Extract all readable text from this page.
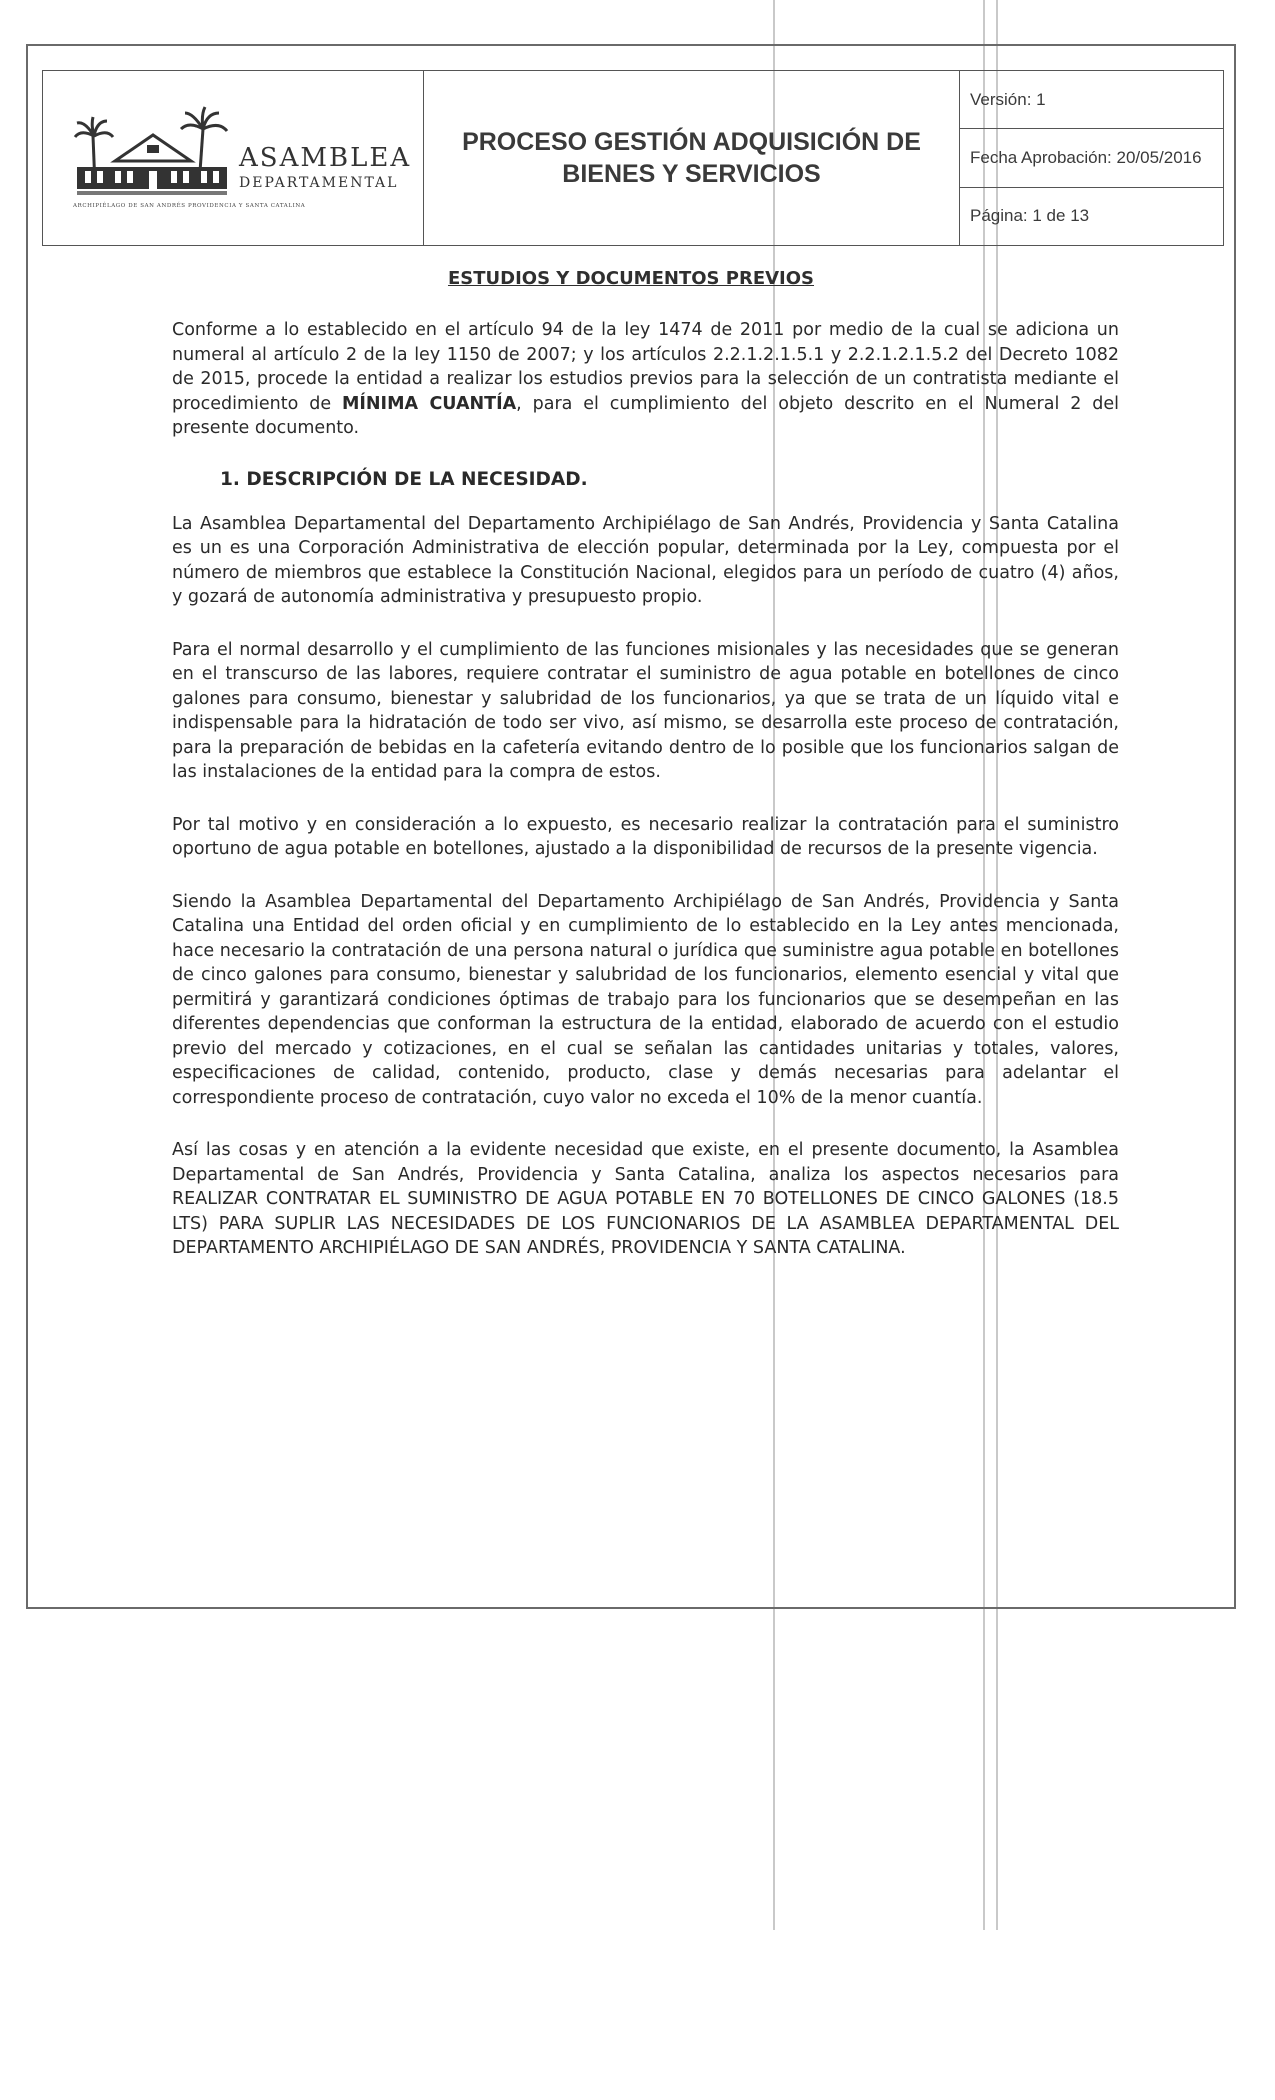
ASAMBLEA
DEPARTAMENTAL
ARCHIPIÉLAGO DE SAN ANDRÉS PROVIDENCIA Y SANTA CATALINA
PROCESO GESTIÓN ADQUISICIÓN DE
BIENES Y SERVICIOS
Versión: 1
Fecha Aprobación: 20/05/2016
Página: 1 de 13
ESTUDIOS Y DOCUMENTOS PREVIOS

Conforme a lo establecido en el artículo 94 de la ley 1474 de 2011 por medio de la cual se adiciona un numeral al artículo 2 de la ley 1150 de 2007; y los artículos 2.2.1.2.1.5.1 y 2.2.1.2.1.5.2 del Decreto 1082 de 2015, procede la entidad a realizar los estudios previos para la selección de un contratista mediante el procedimiento de MÍNIMA CUANTÍA, para el cumplimiento del objeto descrito en el Numeral 2 del presente documento.

1. DESCRIPCIÓN DE LA NECESIDAD.

La Asamblea Departamental del Departamento Archipiélago de San Andrés, Providencia y Santa Catalina es un es una Corporación Administrativa de elección popular, determinada por la Ley, compuesta por el número de miembros que establece la Constitución Nacional, elegidos para un período de cuatro (4) años, y gozará de autonomía administrativa y presupuesto propio.

Para el normal desarrollo y el cumplimiento de las funciones misionales y las necesidades que se generan en el transcurso de las labores, requiere contratar el suministro de agua potable en botellones de cinco galones para consumo, bienestar y salubridad de los funcionarios, ya que se trata de un líquido vital e indispensable para la hidratación de todo ser vivo, así mismo, se desarrolla este proceso de contratación, para la preparación de bebidas en la cafetería evitando dentro de lo posible que los funcionarios salgan de las instalaciones de la entidad para la compra de estos.

Por tal motivo y en consideración a lo expuesto, es necesario realizar la contratación para el suministro oportuno de agua potable en botellones, ajustado a la disponibilidad de recursos de la presente vigencia.

Siendo la Asamblea Departamental del Departamento Archipiélago de San Andrés, Providencia y Santa Catalina una Entidad del orden oficial y en cumplimiento de lo establecido en la Ley antes mencionada, hace necesario la contratación de una persona natural o jurídica que suministre agua potable en botellones de cinco galones para consumo, bienestar y salubridad de los funcionarios, elemento esencial y vital que permitirá y garantizará condiciones óptimas de trabajo para los funcionarios que se desempeñan en las diferentes dependencias que conforman la estructura de la entidad, elaborado de acuerdo con el estudio previo del mercado y cotizaciones, en el cual se señalan las cantidades unitarias y totales, valores, especificaciones de calidad, contenido, producto, clase y demás necesarias para adelantar el correspondiente proceso de contratación, cuyo valor no exceda el 10% de la menor cuantía.

Así las cosas y en atención a la evidente necesidad que existe, en el presente documento, la Asamblea Departamental de San Andrés, Providencia y Santa Catalina, analiza los aspectos necesarios para REALIZAR CONTRATAR EL SUMINISTRO DE AGUA POTABLE EN 70 BOTELLONES DE CINCO GALONES (18.5 LTS) PARA SUPLIR LAS NECESIDADES DE LOS FUNCIONARIOS DE LA ASAMBLEA DEPARTAMENTAL DEL DEPARTAMENTO ARCHIPIÉLAGO DE SAN ANDRÉS, PROVIDENCIA Y SANTA CATALINA.
